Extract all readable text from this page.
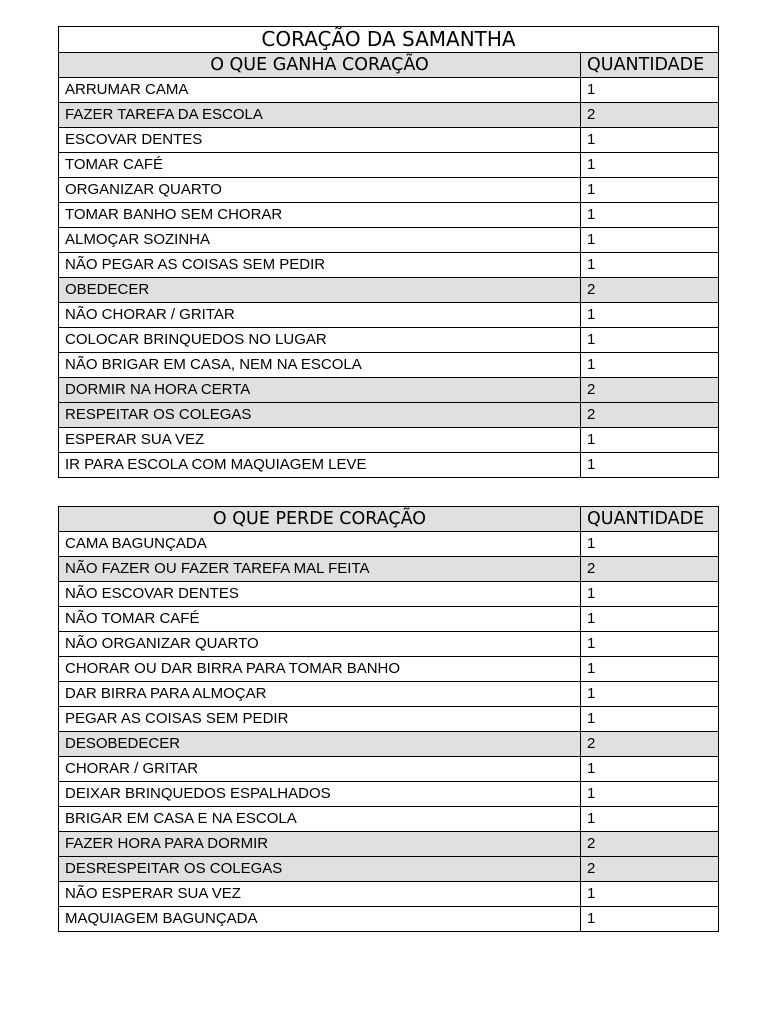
CORAÇÃO DA SAMANTHA	
O QUE GANHA CORAÇÃO	QUANTIDADE
ARRUMAR CAMA	1
FAZER TAREFA DA ESCOLA	2
ESCOVAR DENTES	1
TOMAR CAFÉ	1
ORGANIZAR QUARTO	1
TOMAR BANHO SEM CHORAR	1
ALMOÇAR SOZINHA	1
NÃO PEGAR AS COISAS SEM PEDIR	1
OBEDECER	2
NÃO CHORAR / GRITAR	1
COLOCAR BRINQUEDOS NO LUGAR	1
NÃO BRIGAR EM CASA, NEM NA ESCOLA	1
DORMIR NA HORA CERTA	2
RESPEITAR OS COLEGAS	2
ESPERAR SUA VEZ	1
IR PARA ESCOLA COM MAQUIAGEM LEVE	1
O QUE PERDE CORAÇÃO	QUANTIDADE
CAMA BAGUNÇADA	1
NÃO FAZER OU FAZER TAREFA MAL FEITA	2
NÃO ESCOVAR DENTES	1
NÃO TOMAR CAFÉ	1
NÃO ORGANIZAR QUARTO	1
CHORAR OU DAR BIRRA PARA TOMAR BANHO	1
DAR BIRRA PARA ALMOÇAR	1
PEGAR AS COISAS SEM PEDIR	1
DESOBEDECER	2
CHORAR / GRITAR	1
DEIXAR BRINQUEDOS ESPALHADOS	1
BRIGAR EM CASA E NA ESCOLA	1
FAZER HORA PARA DORMIR	2
DESRESPEITAR OS COLEGAS	2
NÃO ESPERAR SUA VEZ	1
MAQUIAGEM BAGUNÇADA	1
